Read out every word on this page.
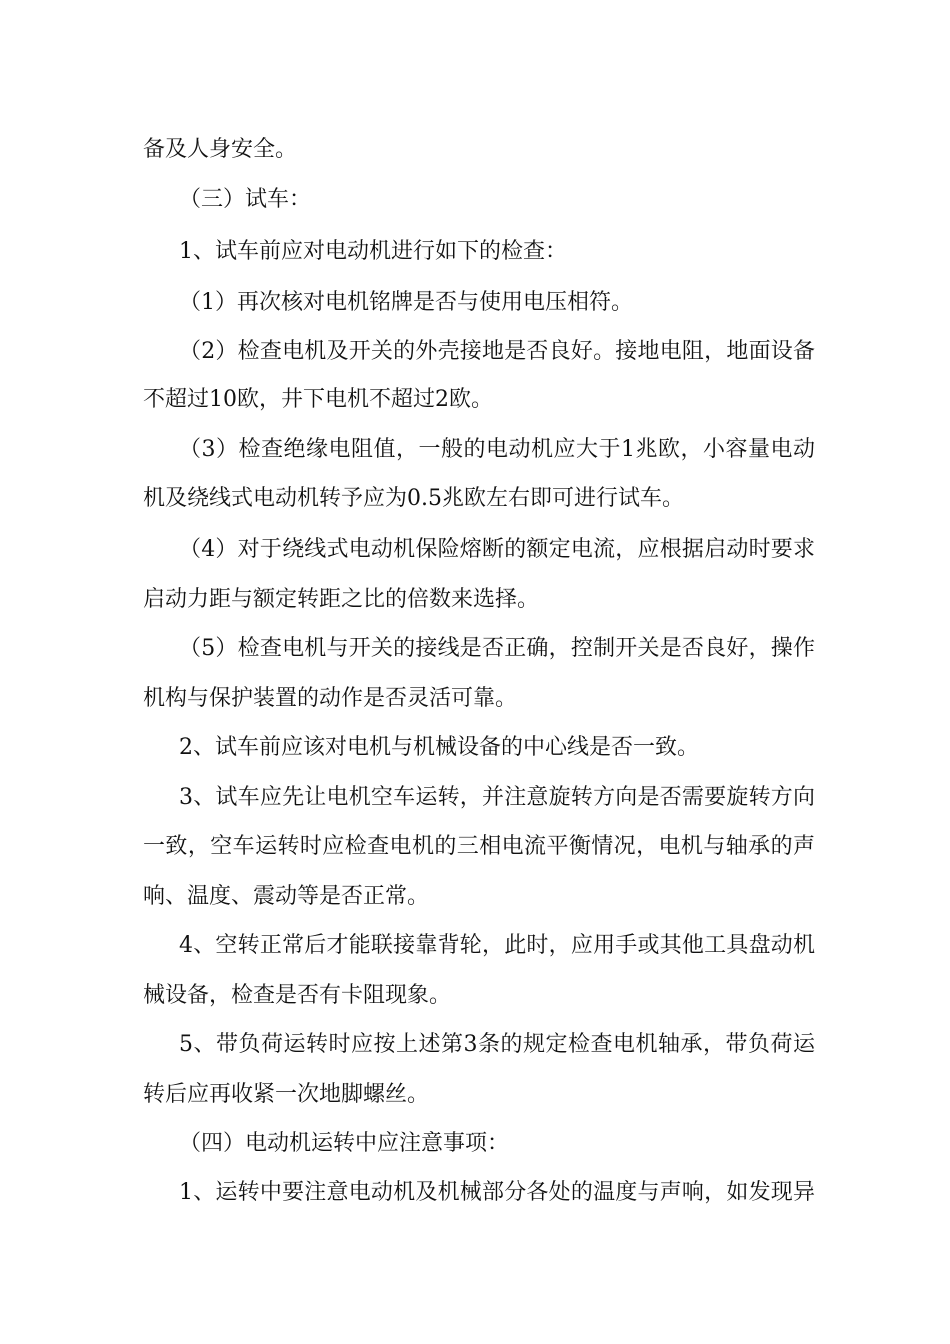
备及人身安全。
（三）试车：
1、试车前应对电动机进行如下的检查：
（1）再次核对电机铭牌是否与使用电压相符。
（2）检查电机及开关的外壳接地是否良好。接地电阻，地面设备
不超过10欧，井下电机不超过2欧。
（3）检查绝缘电阻值，一般的电动机应大于1兆欧，小容量电动
机及绕线式电动机转予应为0.5兆欧左右即可进行试车。
（4）对于绕线式电动机保险熔断的额定电流，应根据启动时要求
启动力距与额定转距之比的倍数来选择。
（5）检查电机与开关的接线是否正确，控制开关是否良好，操作
机构与保护装置的动作是否灵活可靠。
2、试车前应该对电机与机械设备的中心线是否一致。
3、试车应先让电机空车运转，并注意旋转方向是否需要旋转方向
一致，空车运转时应检查电机的三相电流平衡情况，电机与轴承的声
响、温度、震动等是否正常。
4、空转正常后才能联接靠背轮，此时，应用手或其他工具盘动机
械设备，检查是否有卡阻现象。
5、带负荷运转时应按上述第3条的规定检查电机轴承，带负荷运
转后应再收紧一次地脚螺丝。
（四）电动机运转中应注意事项：
1、运转中要注意电动机及机械部分各处的温度与声响，如发现异
